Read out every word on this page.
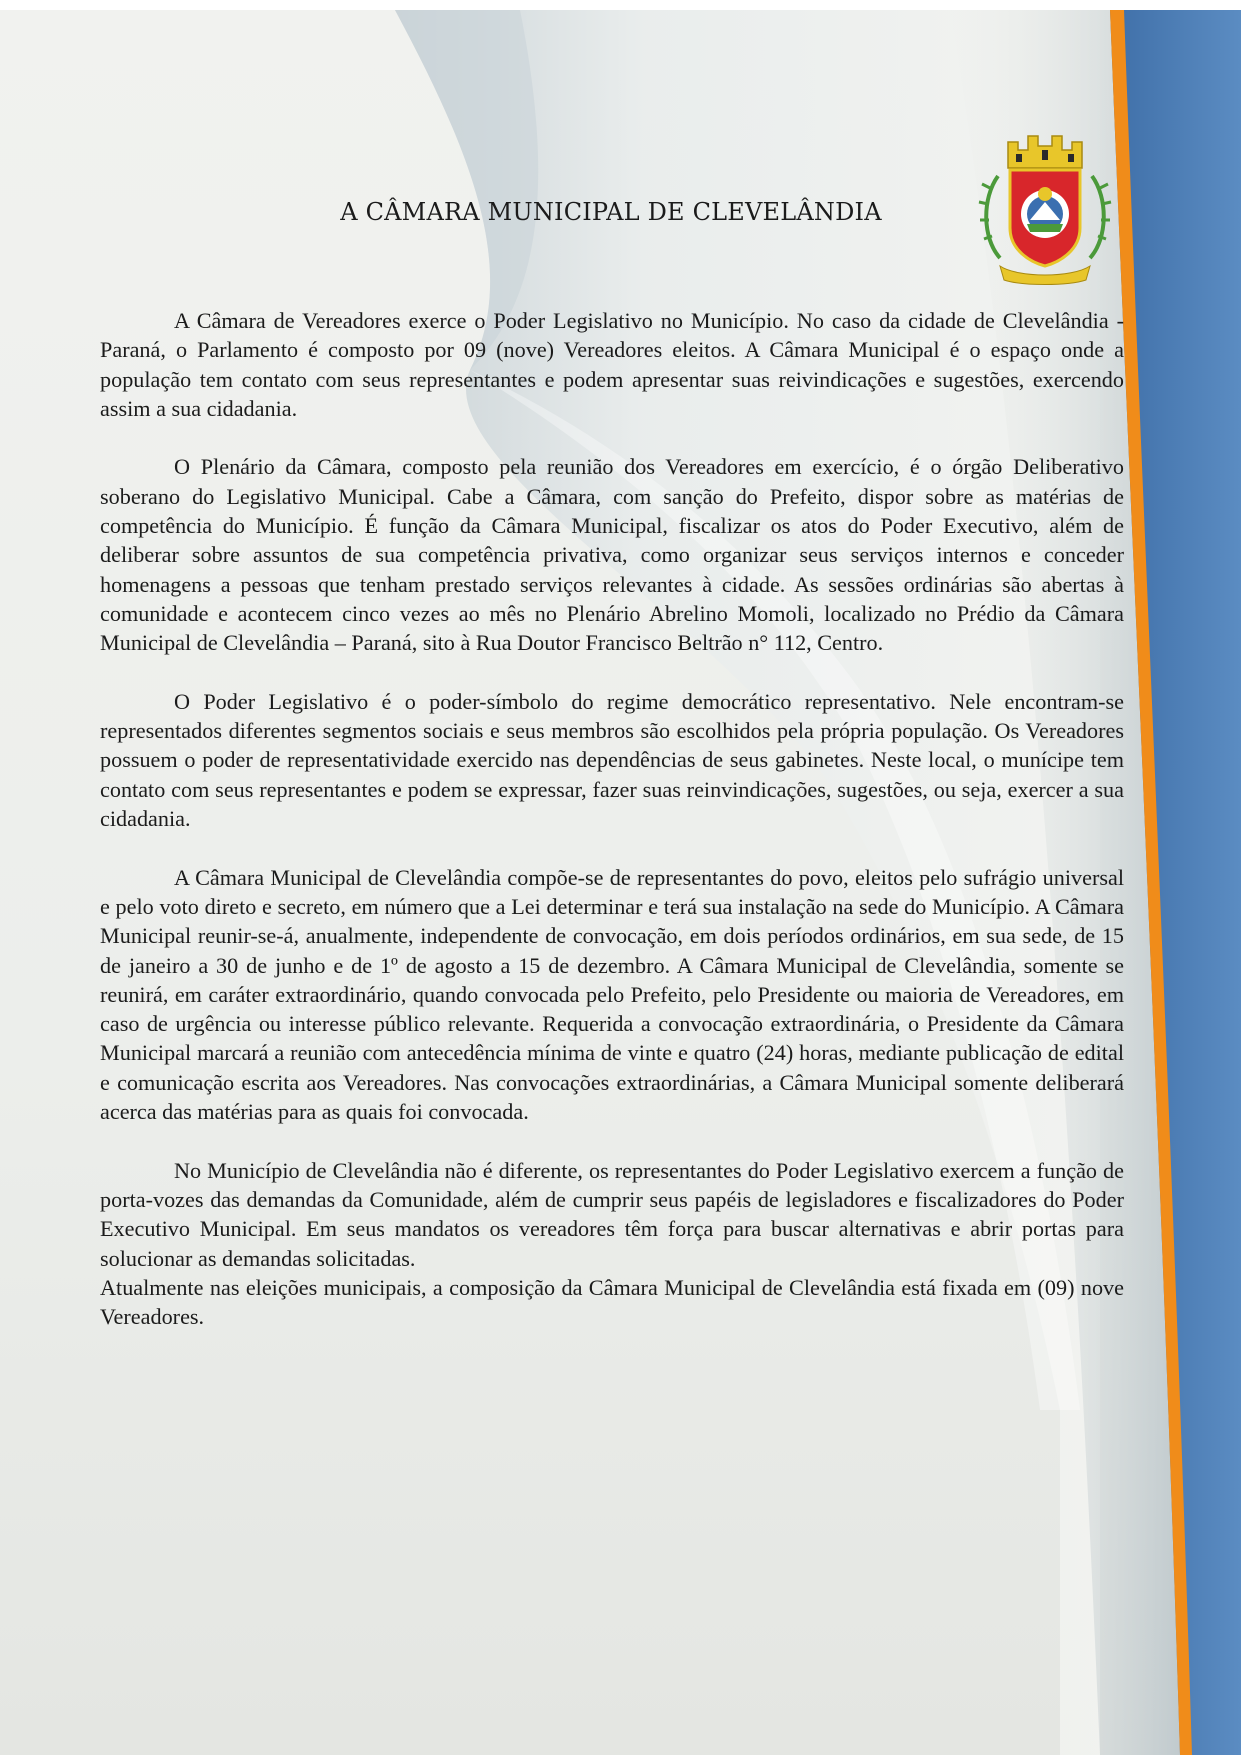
A CÂMARA MUNICIPAL DE CLEVELÂNDIA

A Câmara de Vereadores exerce o Poder Legislativo no Município. No caso da cidade de Clevelândia - Paraná, o Parlamento é composto por 09 (nove) Vereadores eleitos. A Câmara Municipal é o espaço onde a população tem contato com seus representantes e podem apresentar suas reivindicações e sugestões, exercendo assim a sua cidadania.

O Plenário da Câmara, composto pela reunião dos Vereadores em exercício, é o órgão Deliberativo soberano do Legislativo Municipal. Cabe a Câmara, com sanção do Prefeito, dispor sobre as matérias de competência do Município. É função da Câmara Municipal, fiscalizar os atos do Poder Executivo, além de deliberar sobre assuntos de sua competência privativa, como organizar seus serviços internos e conceder homenagens a pessoas que tenham prestado serviços relevantes à cidade. As sessões ordinárias são abertas à comunidade e acontecem cinco vezes ao mês no Plenário Abrelino Momoli, localizado no Prédio da Câmara Municipal de Clevelândia – Paraná, sito à Rua Doutor Francisco Beltrão n° 112, Centro.

O Poder Legislativo é o poder-símbolo do regime democrático representativo. Nele encontram-se representados diferentes segmentos sociais e seus membros são escolhidos pela própria população. Os Vereadores possuem o poder de representatividade exercido nas dependências de seus gabinetes. Neste local, o munícipe tem contato com seus representantes e podem se expressar, fazer suas reinvindicações, sugestões, ou seja, exercer a sua cidadania.

A Câmara Municipal de Clevelândia compõe-se de representantes do povo, eleitos pelo sufrágio universal e pelo voto direto e secreto, em número que a Lei determinar e terá sua instalação na sede do Município. A Câmara Municipal reunir-se-á, anualmente, independente de convocação, em dois períodos ordinários, em sua sede, de 15 de janeiro a 30 de junho e de 1º de agosto a 15 de dezembro. A Câmara Municipal de Clevelândia, somente se reunirá, em caráter extraordinário, quando convocada pelo Prefeito, pelo Presidente ou maioria de Vereadores, em caso de urgência ou interesse público relevante. Requerida a convocação extraordinária, o Presidente da Câmara Municipal marcará a reunião com antecedência mínima de vinte e quatro (24) horas, mediante publicação de edital e comunicação escrita aos Vereadores. Nas convocações extraordinárias, a Câmara Municipal somente deliberará acerca das matérias para as quais foi convocada.

No Município de Clevelândia não é diferente, os representantes do Poder Legislativo exercem a função de porta-vozes das demandas da Comunidade, além de cumprir seus papéis de legisladores e fiscalizadores do Poder Executivo Municipal. Em seus mandatos os vereadores têm força para buscar alternativas e abrir portas para solucionar as demandas solicitadas.

Atualmente nas eleições municipais, a composição da Câmara Municipal de Clevelândia está fixada em (09) nove Vereadores.
